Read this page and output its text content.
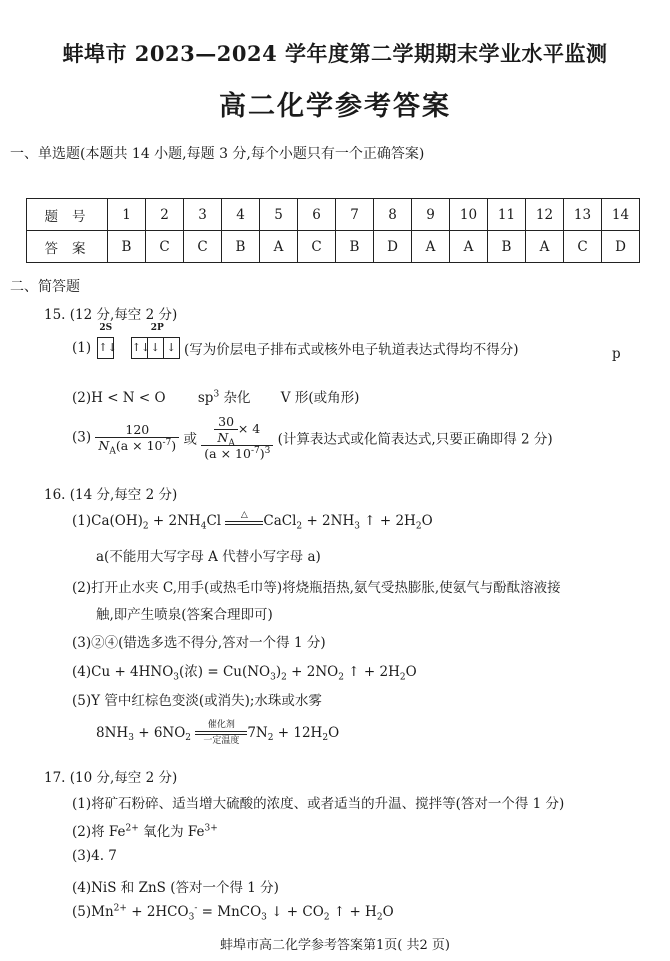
蚌埠市 2023—2024 学年度第二学期期末学业水平监测
高二化学参考答案
一、单选题(本题共 14 小题,每题 3 分,每个小题只有一个正确答案)
题号	1	2	3	4	5	6	7	8	9	10	11	12	13	14
答案	B	C	C	B	A	C	B	D	A	A	B	A	C	D
二、简答题
15. (12 分,每空 2 分)
(1)
2S
↑↓
2P
↑↓↓ ↓ (写为价层电子排布式或核外电子轨道表达式得均不得分)	p
(2)H < N < O $sp^3$ 杂化 V 形(或角形)
$(3) \frac{120}{N_A(a \times 10^{-7})}$ 或 $\frac{\frac{30}{N_A} \times 4}{(a \times 10^{-7})^3}$ (计算表达式或化简表达式,只要正确即得 2 分)
16. (14 分,每空 2 分)
$(1)Ca(OH)_2 + 2NH_4Cl$	△	CaCl$_2$ + $2NH_3$ ↑ + $2H_2O$
a(不能用大写字母 A 代替小写字母 a)
(2)打开止水夹 C,用手(或热毛巾等)将烧瓶捂热,氨气受热膨胀,使氨气与酚酞溶液接
触,即产生喷泉(答案合理即可)
(3)②④(错选多选不得分,答对一个得 1 分)
$(4)Cu + 4HNO_3$(浓) = $Cu(NO_3)_2 + 2NO_2$ ↑ + $2H_2O$
(5)Y 管中红棕色变淡(或消失);水珠或水雾
$8NH_3 + 6NO_2$
催化剂
一定温度 $7N_2 + 12H_2O$
17. (10 分,每空 2 分)
(1)将矿石粉碎、适当增大硫酸的浓度、或者适当的升温、搅拌等(答对一个得 1 分)
(2)将 $Fe^{2+}$ 氧化为 $Fe^{3+}$
(3)4. 7
(4)NiS 和 ZnS (答对一个得 1 分)
$(5)Mn^{2+} + 2HCO_3^-$ = MnCO$_3$ ↓ + $CO_2$ ↑ + $H_2O$
蚌埠市高二化学参考答案第1页( 共2 页)
